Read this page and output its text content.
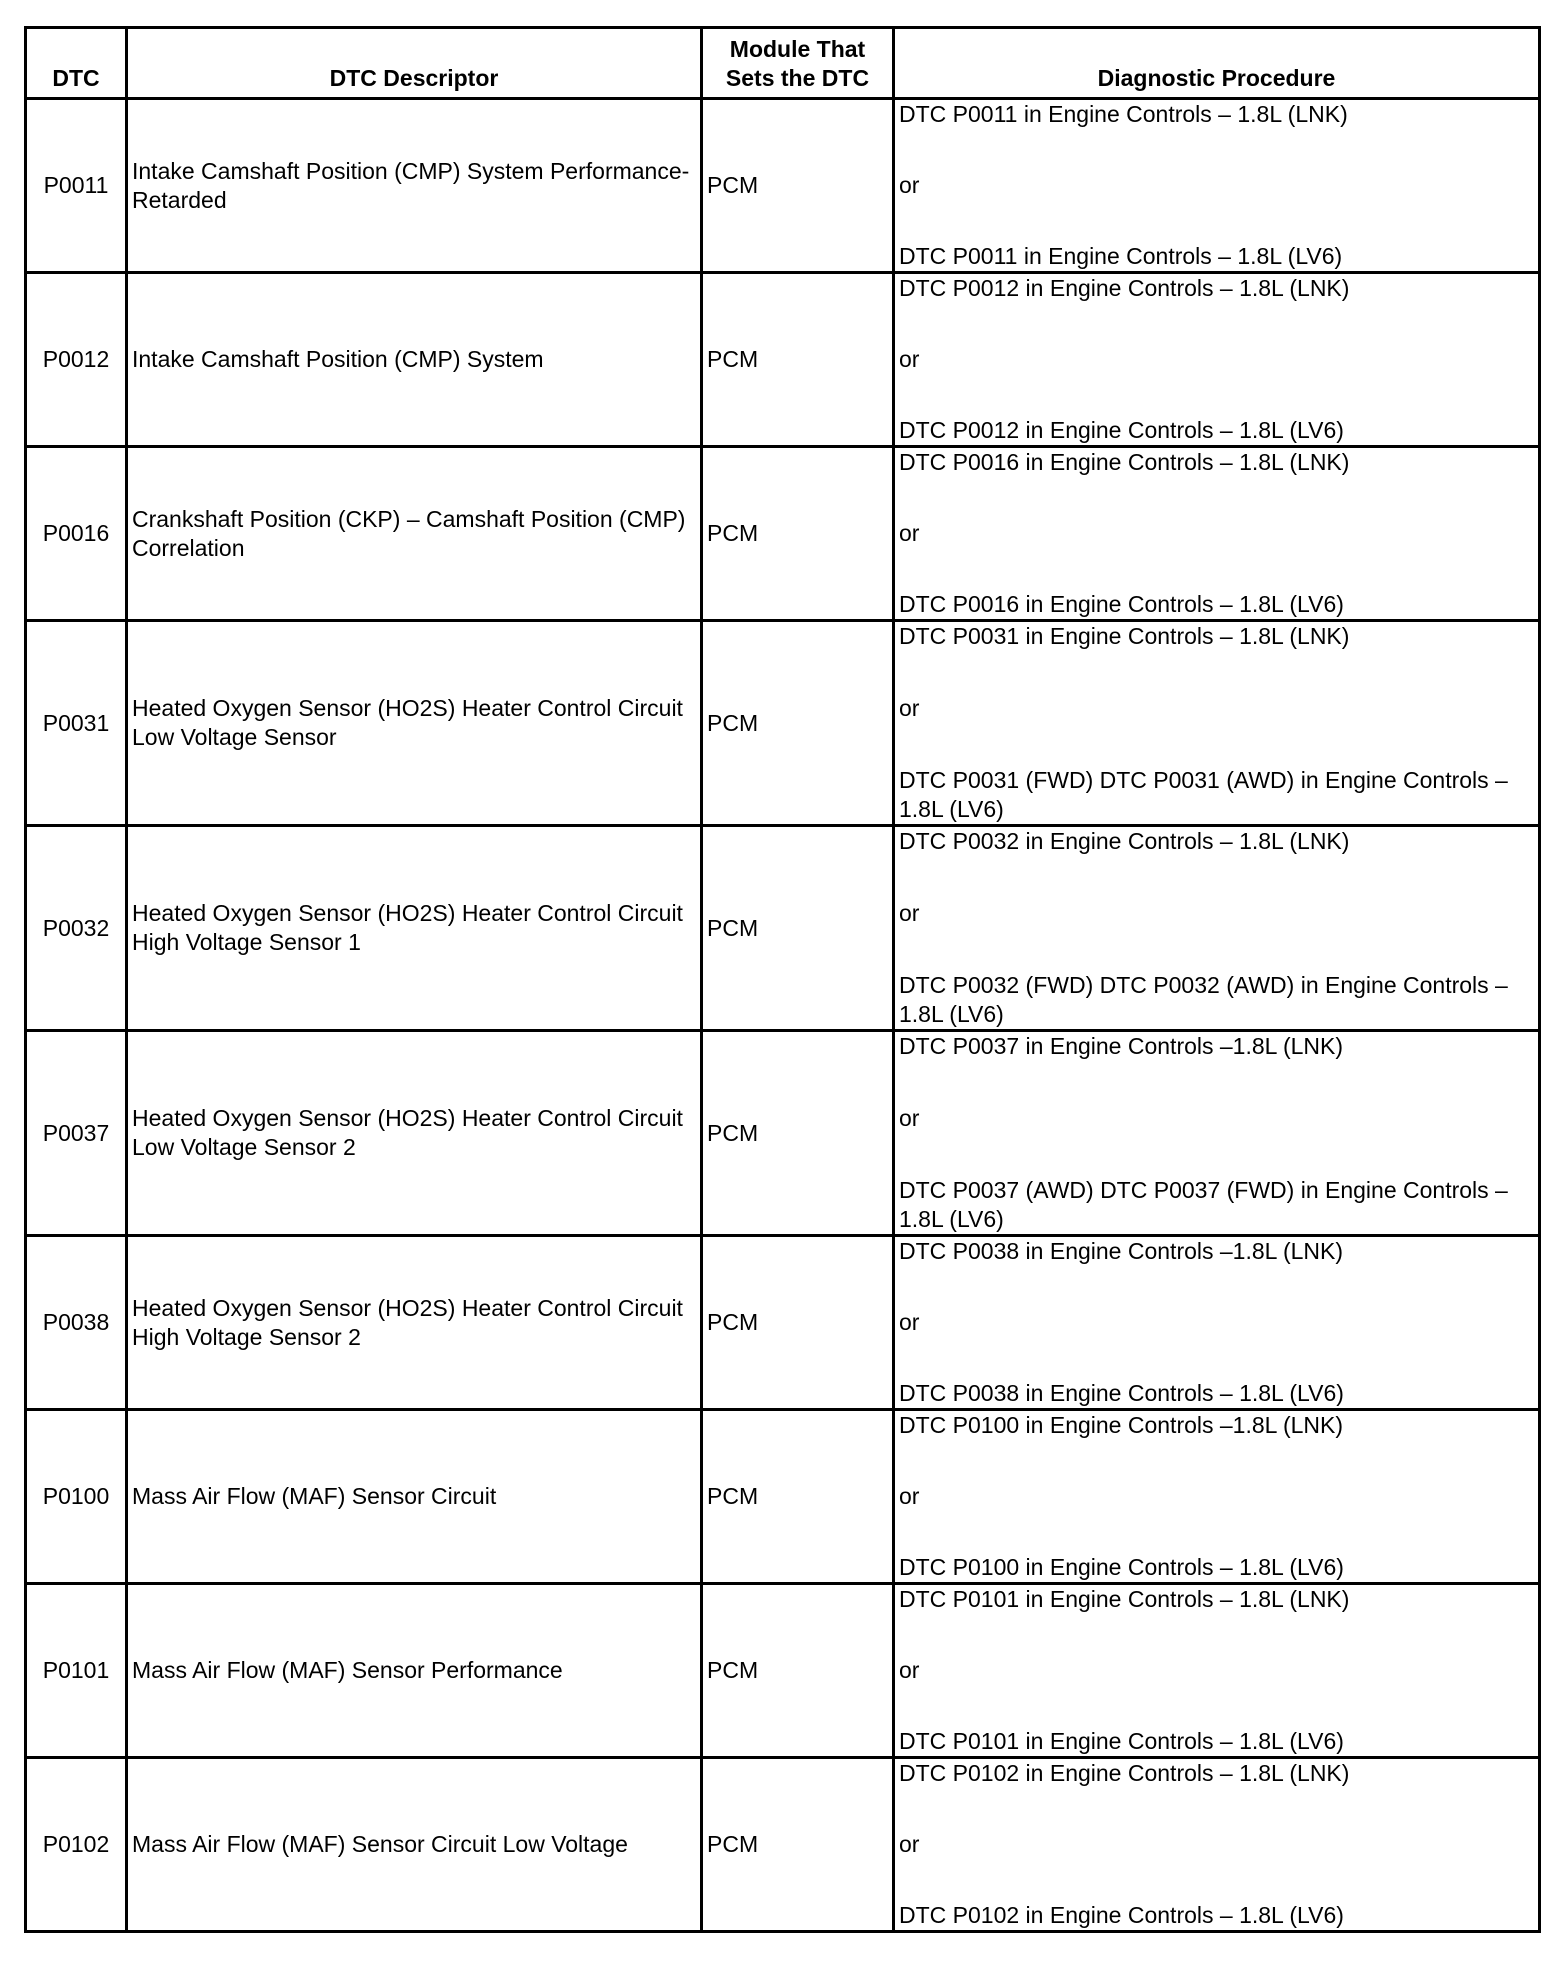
DTC	DTC Descriptor	Module That
Sets the DTC	Diagnostic Procedure
P0011	Intake Camshaft Position (CMP) System Performance-Retarded	PCM	DTC P0011 in Engine Controls – 1.8L (LNK)
or
DTC P0011 in Engine Controls – 1.8L (LV6)

P0012	Intake Camshaft Position (CMP) System	PCM	DTC P0012 in Engine Controls – 1.8L (LNK)
or
DTC P0012 in Engine Controls – 1.8L (LV6)

P0016	Crankshaft Position (CKP) – Camshaft Position (CMP) Correlation	PCM	DTC P0016 in Engine Controls – 1.8L (LNK)
or
DTC P0016 in Engine Controls – 1.8L (LV6)

P0031	Heated Oxygen Sensor (HO2S) Heater Control Circuit Low Voltage Sensor	PCM	DTC P0031 in Engine Controls – 1.8L (LNK)
or
DTC P0031 (FWD) DTC P0031 (AWD) in Engine Controls – 1.8L (LV6)

P0032	Heated Oxygen Sensor (HO2S) Heater Control Circuit High Voltage Sensor 1	PCM	DTC P0032 in Engine Controls – 1.8L (LNK)
or
DTC P0032 (FWD) DTC P0032 (AWD) in Engine Controls – 1.8L (LV6)

P0037	Heated Oxygen Sensor (HO2S) Heater Control Circuit Low Voltage Sensor 2	PCM	DTC P0037 in Engine Controls –1.8L (LNK)
or
DTC P0037 (AWD) DTC P0037 (FWD) in Engine Controls – 1.8L (LV6)

P0038	Heated Oxygen Sensor (HO2S) Heater Control Circuit High Voltage Sensor 2	PCM	DTC P0038 in Engine Controls –1.8L (LNK)
or
DTC P0038 in Engine Controls – 1.8L (LV6)

P0100	Mass Air Flow (MAF) Sensor Circuit	PCM	DTC P0100 in Engine Controls –1.8L (LNK)
or
DTC P0100 in Engine Controls – 1.8L (LV6)

P0101	Mass Air Flow (MAF) Sensor Performance	PCM	DTC P0101 in Engine Controls – 1.8L (LNK)
or
DTC P0101 in Engine Controls – 1.8L (LV6)

P0102	Mass Air Flow (MAF) Sensor Circuit Low Voltage	PCM	DTC P0102 in Engine Controls – 1.8L (LNK)
or
DTC P0102 in Engine Controls – 1.8L (LV6)
